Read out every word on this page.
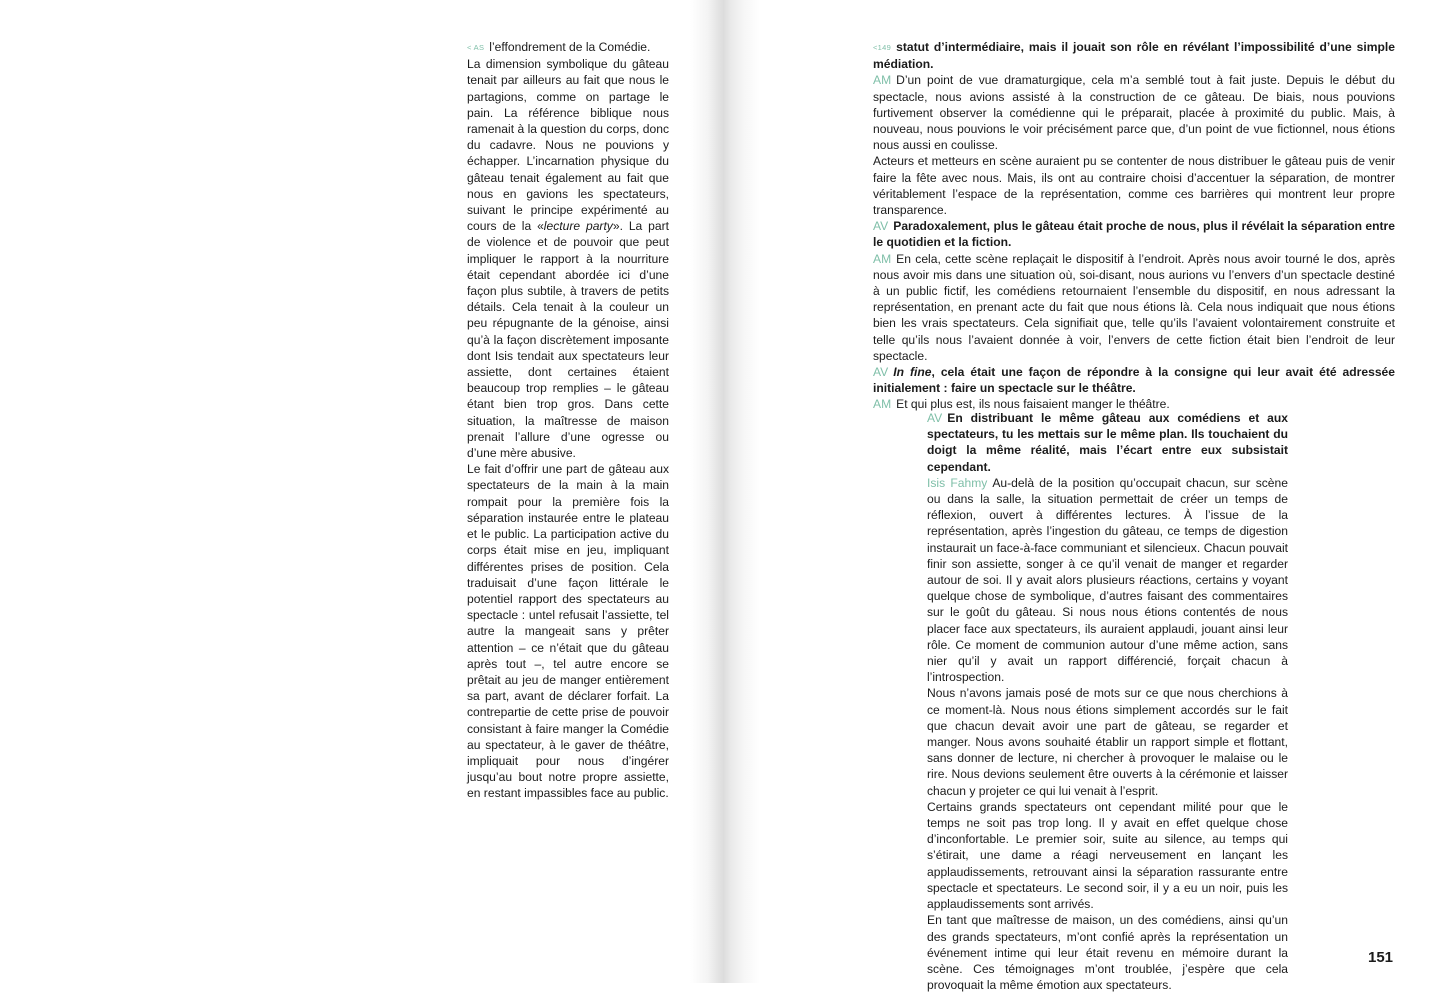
< AS l’effondrement de la Comédie.
La dimension symbolique du gâteau tenait par ailleurs au fait que nous le partagions, comme on partage le pain. La référence biblique nous ramenait à la question du corps, donc du cadavre. Nous ne pouvions y échapper. L’incarnation physique du gâteau tenait également au fait que nous en gavions les spectateurs, suivant le principe expérimenté au cours de la «lecture party». La part de violence et de pouvoir que peut impliquer le rapport à la nourriture était cependant abordée ici d’une façon plus subtile, à travers de petits détails. Cela tenait à la couleur un peu répugnante de la génoise, ainsi qu’à la façon discrètement imposante dont Isis tendait aux spectateurs leur assiette, dont certaines étaient beaucoup trop remplies – le gâteau étant bien trop gros. Dans cette situation, la maîtresse de maison prenait l’allure d’une ogresse ou d’une mère abusive.

Le fait d’offrir une part de gâteau aux spectateurs de la main à la main rompait pour la première fois la séparation instaurée entre le plateau et le public. La participation active du corps était mise en jeu, impliquant différentes prises de position. Cela traduisait d’une façon littérale le potentiel rapport des spectateurs au spectacle : untel refusait l’assiette, tel autre la mangeait sans y prêter attention – ce n’était que du gâteau après tout –, tel autre encore se prêtait au jeu de manger entièrement sa part, avant de déclarer forfait. La contrepartie de cette prise de pouvoir consistant à faire manger la Comédie au spectateur, à le gaver de théâtre, impliquait pour nous d’ingérer jusqu’au bout notre propre assiette, en restant impassibles face au public.

<149 statut d’intermédiaire, mais il jouait son rôle en révélant l’impossibilité d’une simple médiation.

AM D’un point de vue dramaturgique, cela m’a semblé tout à fait juste. Depuis le début du spectacle, nous avions assisté à la construction de ce gâteau. De biais, nous pouvions furtivement observer la comédienne qui le préparait, placée à proximité du public. Mais, à nouveau, nous pouvions le voir précisément parce que, d’un point de vue fictionnel, nous étions nous aussi en coulisse.

Acteurs et metteurs en scène auraient pu se contenter de nous distribuer le gâteau puis de venir faire la fête avec nous. Mais, ils ont au contraire choisi d’accentuer la séparation, de montrer véritablement l’espace de la représentation, comme ces barrières qui montrent leur propre transparence.

AV Paradoxalement, plus le gâteau était proche de nous, plus il révélait la séparation entre le quotidien et la fiction.

AM En cela, cette scène replaçait le dispositif à l’endroit. Après nous avoir tourné le dos, après nous avoir mis dans une situation où, soi-disant, nous aurions vu l’envers d’un spectacle destiné à un public fictif, les comédiens retournaient l’ensemble du dispositif, en nous adressant la représentation, en prenant acte du fait que nous étions là. Cela nous indiquait que nous étions bien les vrais spectateurs. Cela signifiait que, telle qu’ils l’avaient volontairement construite et telle qu’ils nous l’avaient donnée à voir, l’envers de cette fiction était bien l’endroit de leur spectacle.

AV In fine, cela était une façon de répondre à la consigne qui leur avait été adressée initialement : faire un spectacle sur le théâtre.

AM Et qui plus est, ils nous faisaient manger le théâtre.

AV En distribuant le même gâteau aux comédiens et aux spectateurs, tu les mettais sur le même plan. Ils touchaient du doigt la même réalité, mais l’écart entre eux subsistait cependant.

Isis Fahmy Au-delà de la position qu’occupait chacun, sur scène ou dans la salle, la situation permettait de créer un temps de réflexion, ouvert à différentes lectures. À l’issue de la représentation, après l’ingestion du gâteau, ce temps de digestion instaurait un face-à-face communiant et silencieux. Chacun pouvait finir son assiette, songer à ce qu’il venait de manger et regarder autour de soi. Il y avait alors plusieurs réactions, certains y voyant quelque chose de symbolique, d’autres faisant des commentaires sur le goût du gâteau. Si nous nous étions contentés de nous placer face aux spectateurs, ils auraient applaudi, jouant ainsi leur rôle. Ce moment de communion autour d’une même action, sans nier qu’il y avait un rapport différencié, forçait chacun à l’introspection.

Nous n’avons jamais posé de mots sur ce que nous cherchions à ce moment-là. Nous nous étions simplement accordés sur le fait que chacun devait avoir une part de gâteau, se regarder et manger. Nous avons souhaité établir un rapport simple et flottant, sans donner de lecture, ni chercher à provoquer le malaise ou le rire. Nous devions seulement être ouverts à la cérémonie et laisser chacun y projeter ce qui lui venait à l’esprit.

Certains grands spectateurs ont cependant milité pour que le temps ne soit pas trop long. Il y avait en effet quelque chose d’inconfortable. Le premier soir, suite au silence, au temps qui s’étirait, une dame a réagi nerveusement en lançant les applaudissements, retrouvant ainsi la séparation rassurante entre spectacle et spectateurs. Le second soir, il y a eu un noir, puis les applaudissements sont arrivés.

En tant que maîtresse de maison, un des comédiens, ainsi qu’un des grands spectateurs, m’ont confié après la représentation un événement intime qui leur était revenu en mémoire durant la scène. Ces témoignages m’ont troublée, j’espère que cela provoquait la même émotion aux spectateurs.

151
